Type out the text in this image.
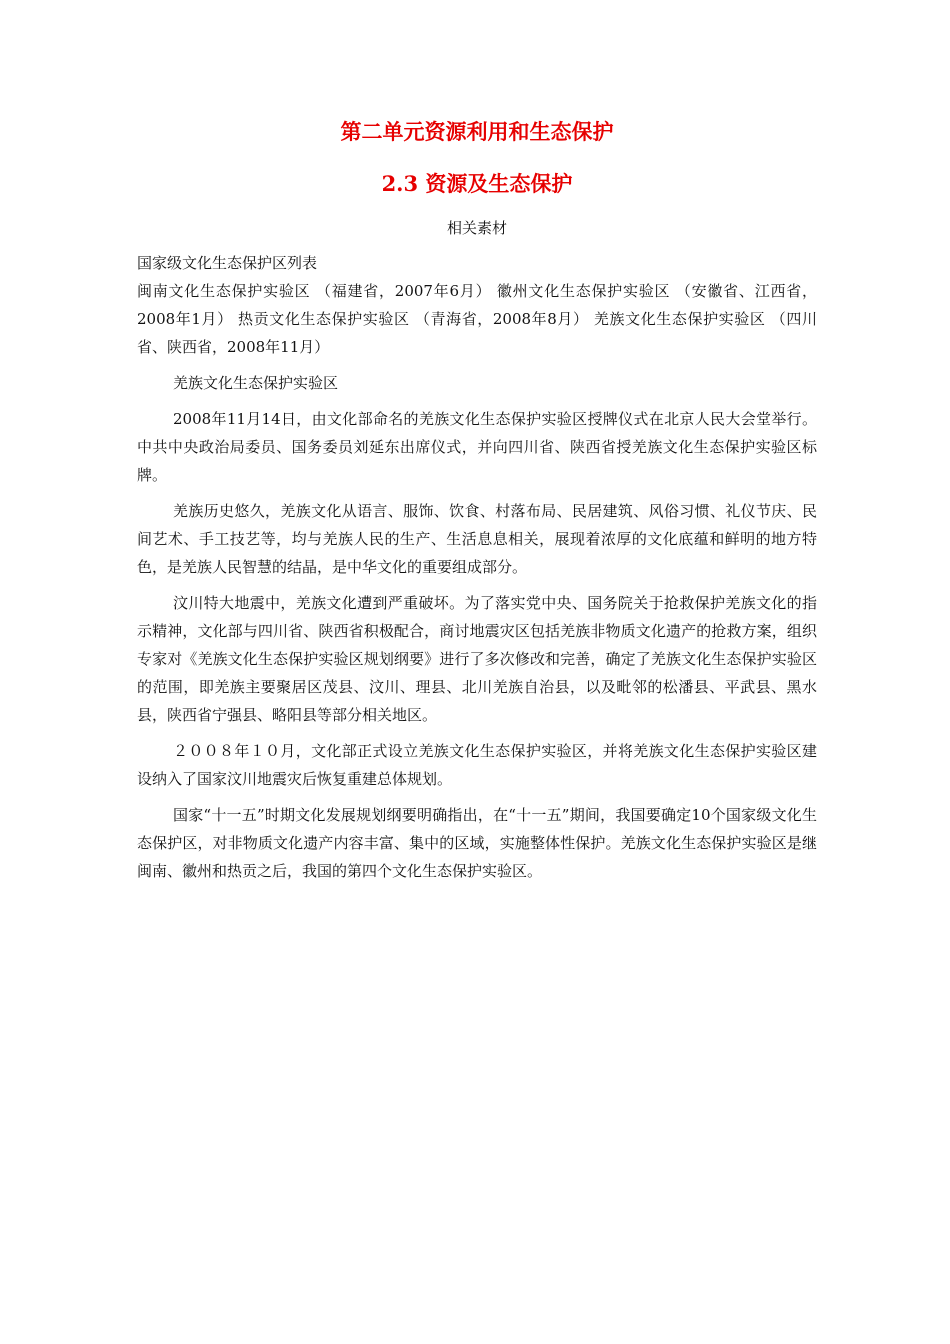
第二单元资源利用和生态保护
2.3 资源及生态保护
相关素材

国家级文化生态保护区列表

闽南文化生态保护实验区 （福建省，2007年6月） 徽州文化生态保护实验区 （安徽省、江西省，2008年1月） 热贡文化生态保护实验区 （青海省，2008年8月） 羌族文化生态保护实验区 （四川省、陕西省，2008年11月）

羌族文化生态保护实验区

2008年11月14日，由文化部命名的羌族文化生态保护实验区授牌仪式在北京人民大会堂举行。中共中央政治局委员、国务委员刘延东出席仪式，并向四川省、陕西省授羌族文化生态保护实验区标牌。

羌族历史悠久，羌族文化从语言、服饰、饮食、村落布局、民居建筑、风俗习惯、礼仪节庆、民间艺术、手工技艺等，均与羌族人民的生产、生活息息相关，展现着浓厚的文化底蕴和鲜明的地方特色，是羌族人民智慧的结晶，是中华文化的重要组成部分。

汶川特大地震中，羌族文化遭到严重破坏。为了落实党中央、国务院关于抢救保护羌族文化的指示精神，文化部与四川省、陕西省积极配合，商讨地震灾区包括羌族非物质文化遗产的抢救方案，组织专家对《羌族文化生态保护实验区规划纲要》进行了多次修改和完善，确定了羌族文化生态保护实验区的范围，即羌族主要聚居区茂县、汶川、理县、北川羌族自治县，以及毗邻的松潘县、平武县、黑水县，陕西省宁强县、略阳县等部分相关地区。

２００８年１０月，文化部正式设立羌族文化生态保护实验区，并将羌族文化生态保护实验区建设纳入了国家汶川地震灾后恢复重建总体规划。

国家“十一五”时期文化发展规划纲要明确指出，在“十一五”期间，我国要确定10个国家级文化生态保护区，对非物质文化遗产内容丰富、集中的区域，实施整体性保护。羌族文化生态保护实验区是继闽南、徽州和热贡之后，我国的第四个文化生态保护实验区。
